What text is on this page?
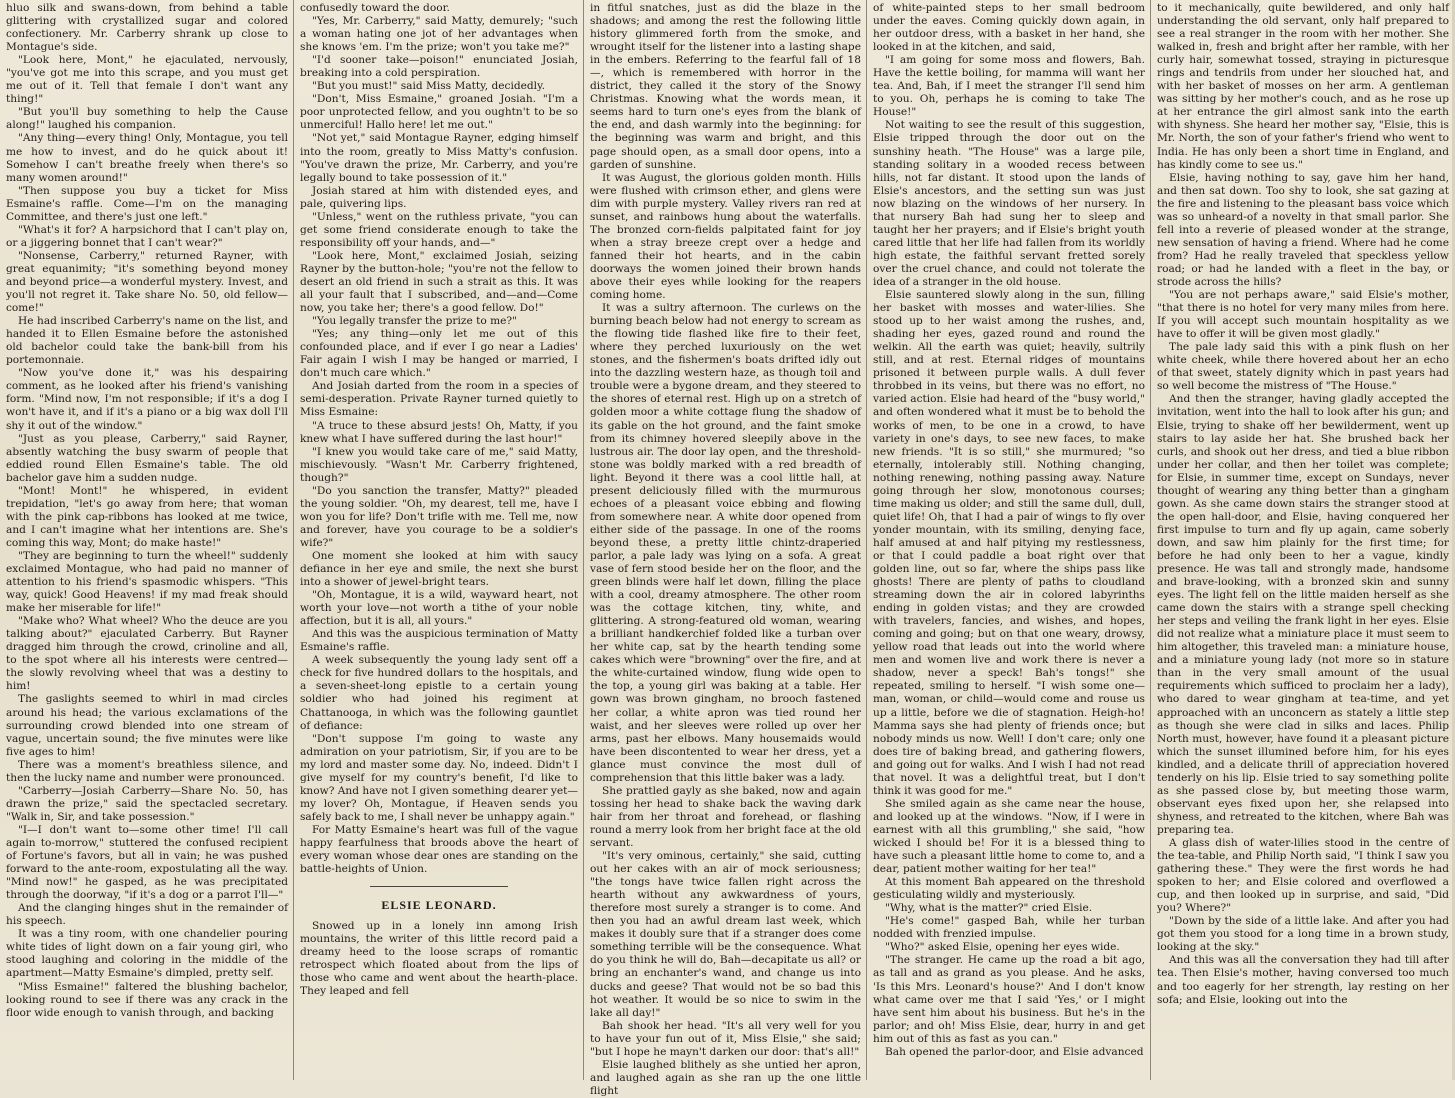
hluo silk and swans-down, from behind a table glittering with crystallized sugar and colored confectionery. Mr. Carberry shrank up close to Montague's side.

"Look here, Mont," he ejaculated, nervously, "you've got me into this scrape, and you must get me out of it. Tell that female I don't want any thing!"

"But you'll buy something to help the Cause along!" laughed his companion.

"Any thing—every thing! Only, Montague, you tell me how to invest, and do he quick about it! Somehow I can't breathe freely when there's so many women around!"

"Then suppose you buy a ticket for Miss Esmaine's raffle. Come—I'm on the managing Committee, and there's just one left."

"What's it for? A harpsichord that I can't play on, or a jiggering bonnet that I can't wear?"

"Nonsense, Carberry," returned Rayner, with great equanimity; "it's something beyond money and beyond price—a wonderful mystery. Invest, and you'll not regret it. Take share No. 50, old fellow—come!"

He had inscribed Carberry's name on the list, and handed it to Ellen Esmaine before the astonished old bachelor could take the bank-bill from his portemonnaie.

"Now you've done it," was his despairing comment, as he looked after his friend's vanishing form. "Mind now, I'm not responsible; if it's a dog I won't have it, and if it's a piano or a big wax doll I'll shy it out of the window."

"Just as you please, Carberry," said Rayner, absently watching the busy swarm of people that eddied round Ellen Esmaine's table. The old bachelor gave him a sudden nudge.

"Mont! Mont!" he whispered, in evident trepidation, "let's go away from here; that woman with the pink cap-ribbons has looked at me twice, and I can't imagine what her intentions are. She's coming this way, Mont; do make haste!"

"They are beginning to turn the wheel!" suddenly exclaimed Montague, who had paid no manner of attention to his friend's spasmodic whispers. "This way, quick! Good Heavens! if my mad freak should make her miserable for life!"

"Make who? What wheel? Who the deuce are you talking about?" ejaculated Carberry. But Rayner dragged him through the crowd, crinoline and all, to the spot where all his interests were centred—the slowly revolving wheel that was a destiny to him!

The gaslights seemed to whirl in mad circles around his head; the various exclamations of the surrounding crowd blended into one stream of vague, uncertain sound; the five minutes were like five ages to him!

There was a moment's breathless silence, and then the lucky name and number were pronounced.

"Carberry—Josiah Carberry—Share No. 50, has drawn the prize," said the spectacled secretary. "Walk in, Sir, and take possession."

"I—I don't want to—some other time! I'll call again to-morrow," stuttered the confused recipient of Fortune's favors, but all in vain; he was pushed forward to the ante-room, expostulating all the way. "Mind now!" he gasped, as he was precipitated through the doorway, "if it's a dog or a parrot I'll—"

And the clanging hinges shut in the remainder of his speech.

It was a tiny room, with one chandelier pouring white tides of light down on a fair young girl, who stood laughing and coloring in the middle of the apartment—Matty Esmaine's dimpled, pretty self.

"Miss Esmaine!" faltered the blushing bachelor, looking round to see if there was any crack in the floor wide enough to vanish through, and backing

confusedly toward the door.

"Yes, Mr. Carberry," said Matty, demurely; "such a woman hating one jot of her advantages when she knows 'em. I'm the prize; won't you take me?"

"I'd sooner take—poison!" enunciated Josiah, breaking into a cold perspiration.

"But you must!" said Miss Matty, decidedly.

"Don't, Miss Esmaine," groaned Josiah. "I'm a poor unprotected fellow, and you oughtn't to be so unmerciful! Hallo here! let me out."

"Not yet," said Montague Rayner, edging himself into the room, greatly to Miss Matty's confusion. "You've drawn the prize, Mr. Carberry, and you're legally bound to take possession of it."

Josiah stared at him with distended eyes, and pale, quivering lips.

"Unless," went on the ruthless private, "you can get some friend considerate enough to take the responsibility off your hands, and—"

"Look here, Mont," exclaimed Josiah, seizing Rayner by the button-hole; "you're not the fellow to desert an old friend in such a strait as this. It was all your fault that I subscribed, and—and—Come now, you take her; there's a good fellow. Do!"

"You legally transfer the prize to me?"

"Yes; any thing—only let me out of this confounded place, and if ever I go near a Ladies' Fair again I wish I may be hanged or married, I don't much care which."

And Josiah darted from the room in a species of semi-desperation. Private Rayner turned quietly to Miss Esmaine:

"A truce to these absurd jests! Oh, Matty, if you knew what I have suffered during the last hour!"

"I knew you would take care of me," said Matty, mischievously. "Wasn't Mr. Carberry frightened, though?"

"Do you sanction the transfer, Matty?" pleaded the young soldier. "Oh, my dearest, tell me, have I won you for life? Don't trifle with me. Tell me, now and forever, have you courage to be a soldier's wife?"

One moment she looked at him with saucy defiance in her eye and smile, the next she burst into a shower of jewel-bright tears.

"Oh, Montague, it is a wild, wayward heart, not worth your love—not worth a tithe of your noble affection, but it is all, all yours."

And this was the auspicious termination of Matty Esmaine's raffle.

A week subsequently the young lady sent off a check for five hundred dollars to the hospitals, and a seven-sheet-long epistle to a certain young soldier who had joined his regiment at Chattanooga, in which was the following gauntlet of defiance:

"Don't suppose I'm going to waste any admiration on your patriotism, Sir, if you are to be my lord and master some day. No, indeed. Didn't I give myself for my country's benefit, I'd like to know? And have not I given something dearer yet—my lover? Oh, Montague, if Heaven sends you safely back to me, I shall never be unhappy again."

For Matty Esmaine's heart was full of the vague happy fearfulness that broods above the heart of every woman whose dear ones are standing on the battle-heights of Union.

ELSIE LEONARD.

Snowed up in a lonely inn among Irish mountains, the writer of this little record paid a dreamy heed to the loose scraps of romantic retrospect which floated about from the lips of those who came and went about the hearth-place. They leaped and fell

in fitful snatches, just as did the blaze in the shadows; and among the rest the following little history glimmered forth from the smoke, and wrought itself for the listener into a lasting shape in the embers. Referring to the fearful fall of 18—, which is remembered with horror in the district, they called it the story of the Snowy Christmas. Knowing what the words mean, it seems hard to turn one's eyes from the blank of the end, and dash warmly into the beginning: for the beginning was warm and bright, and this page should open, as a small door opens, into a garden of sunshine.

It was August, the glorious golden month. Hills were flushed with crimson ether, and glens were dim with purple mystery. Valley rivers ran red at sunset, and rainbows hung about the waterfalls. The bronzed corn-fields palpitated faint for joy when a stray breeze crept over a hedge and fanned their hot hearts, and in the cabin doorways the women joined their brown hands above their eyes while looking for the reapers coming home.

It was a sultry afternoon. The curlews on the burning beach below had not energy to scream as the flowing tide flashed like fire to their feet, where they perched luxuriously on the wet stones, and the fishermen's boats drifted idly out into the dazzling western haze, as though toil and trouble were a bygone dream, and they steered to the shores of eternal rest. High up on a stretch of golden moor a white cottage flung the shadow of its gable on the hot ground, and the faint smoke from its chimney hovered sleepily above in the lustrous air. The door lay open, and the threshold-stone was boldly marked with a red breadth of light. Beyond it there was a cool little hall, at present deliciously filled with the murmurous echoes of a pleasant voice ebbing and flowing from somewhere near. A white door opened from either side of the passage. In one of the rooms beyond these, a pretty little chintz-draperied parlor, a pale lady was lying on a sofa. A great vase of fern stood beside her on the floor, and the green blinds were half let down, filling the place with a cool, dreamy atmosphere. The other room was the cottage kitchen, tiny, white, and glittering. A strong-featured old woman, wearing a brilliant handkerchief folded like a turban over her white cap, sat by the hearth tending some cakes which were "browning" over the fire, and at the white-curtained window, flung wide open to the top, a young girl was baking at a table. Her gown was brown gingham, no brooch fastened her collar, a white apron was tied round her waist, and her sleeves were rolled up over her arms, past her elbows. Many housemaids would have been discontented to wear her dress, yet a glance must convince the most dull of comprehension that this little baker was a lady.

She prattled gayly as she baked, now and again tossing her head to shake back the waving dark hair from her throat and forehead, or flashing round a merry look from her bright face at the old servant.

"It's very ominous, certainly," she said, cutting out her cakes with an air of mock seriousness; "the tongs have twice fallen right across the hearth without any awkwardness of yours, therefore most surely a stranger is to come. And then you had an awful dream last week, which makes it doubly sure that if a stranger does come something terrible will be the consequence. What do you think he will do, Bah—decapitate us all? or bring an enchanter's wand, and change us into ducks and geese? That would not be so bad this hot weather. It would be so nice to swim in the lake all day!"

Bah shook her head. "It's all very well for you to have your fun out of it, Miss Elsie," she said; "but I hope he mayn't darken our door: that's all!"

Elsie laughed blithely as she untied her apron, and laughed again as she ran up the one little flight

of white-painted steps to her small bedroom under the eaves. Coming quickly down again, in her outdoor dress, with a basket in her hand, she looked in at the kitchen, and said,

"I am going for some moss and flowers, Bah. Have the kettle boiling, for mamma will want her tea. And, Bah, if I meet the stranger I'll send him to you. Oh, perhaps he is coming to take The House!"

Not waiting to see the result of this suggestion, Elsie tripped through the door out on the sunshiny heath. "The House" was a large pile, standing solitary in a wooded recess between hills, not far distant. It stood upon the lands of Elsie's ancestors, and the setting sun was just now blazing on the windows of her nursery. In that nursery Bah had sung her to sleep and taught her her prayers; and if Elsie's bright youth cared little that her life had fallen from its worldly high estate, the faithful servant fretted sorely over the cruel chance, and could not tolerate the idea of a stranger in the old house.

Elsie sauntered slowly along in the sun, filling her basket with mosses and water-lilies. She stood up to her waist among the rushes, and, shading her eyes, gazed round and round the welkin. All the earth was quiet; heavily, sultrily still, and at rest. Eternal ridges of mountains prisoned it between purple walls. A dull fever throbbed in its veins, but there was no effort, no varied action. Elsie had heard of the "busy world," and often wondered what it must be to behold the works of men, to be one in a crowd, to have variety in one's days, to see new faces, to make new friends. "It is so still," she murmured; "so eternally, intolerably still. Nothing changing, nothing renewing, nothing passing away. Nature going through her slow, monotonous courses; time making us older; and still the same dull, dull, quiet life! Oh, that I had a pair of wings to fly over yonder mountain, with its smiling, denying face, half amused at and half pitying my restlessness, or that I could paddle a boat right over that golden line, out so far, where the ships pass like ghosts! There are plenty of paths to cloudland streaming down the air in colored labyrinths ending in golden vistas; and they are crowded with travelers, fancies, and wishes, and hopes, coming and going; but on that one weary, drowsy, yellow road that leads out into the world where men and women live and work there is never a shadow, never a speck! Bah's tongs!" she repeated, smiling to herself. "I wish some one—man, woman, or child—would come and rouse us up a little, before we die of stagnation. Heigh-ho! Mamma says she had plenty of friends once; but nobody minds us now. Well! I don't care; only one does tire of baking bread, and gathering flowers, and going out for walks. And I wish I had not read that novel. It was a delightful treat, but I don't think it was good for me."

She smiled again as she came near the house, and looked up at the windows. "Now, if I were in earnest with all this grumbling," she said, "how wicked I should be! For it is a blessed thing to have such a pleasant little home to come to, and a dear, patient mother waiting for her tea!"

At this moment Bah appeared on the threshold gesticulating wildly and mysteriously.

"Why, what is the matter?" cried Elsie.

"He's come!" gasped Bah, while her turban nodded with frenzied impulse.

"Who?" asked Elsie, opening her eyes wide.

"The stranger. He came up the road a bit ago, as tall and as grand as you please. And he asks, 'Is this Mrs. Leonard's house?' And I don't know what came over me that I said 'Yes,' or I might have sent him about his business. But he's in the parlor; and oh! Miss Elsie, dear, hurry in and get him out of this as fast as you can."

Bah opened the parlor-door, and Elsie advanced

to it mechanically, quite bewildered, and only half understanding the old servant, only half prepared to see a real stranger in the room with her mother. She walked in, fresh and bright after her ramble, with her curly hair, somewhat tossed, straying in picturesque rings and tendrils from under her slouched hat, and with her basket of mosses on her arm. A gentleman was sitting by her mother's couch, and as he rose up at her entrance the girl almost sank into the earth with shyness. She heard her mother say, "Elsie, this is Mr. North, the son of your father's friend who went to India. He has only been a short time in England, and has kindly come to see us."

Elsie, having nothing to say, gave him her hand, and then sat down. Too shy to look, she sat gazing at the fire and listening to the pleasant bass voice which was so unheard-of a novelty in that small parlor. She fell into a reverie of pleased wonder at the strange, new sensation of having a friend. Where had he come from? Had he really traveled that speckless yellow road; or had he landed with a fleet in the bay, or strode across the hills?

"You are not perhaps aware," said Elsie's mother, "that there is no hotel for very many miles from here. If you will accept such mountain hospitality as we have to offer it will be given most gladly."

The pale lady said this with a pink flush on her white cheek, while there hovered about her an echo of that sweet, stately dignity which in past years had so well become the mistress of "The House."

And then the stranger, having gladly accepted the invitation, went into the hall to look after his gun; and Elsie, trying to shake off her bewilderment, went up stairs to lay aside her hat. She brushed back her curls, and shook out her dress, and tied a blue ribbon under her collar, and then her toilet was complete; for Elsie, in summer time, except on Sundays, never thought of wearing any thing better than a gingham gown. As she came down stairs the stranger stood at the open hall-door, and Elsie, having conquered her first impulse to turn and fly up again, came soberly down, and saw him plainly for the first time; for before he had only been to her a vague, kindly presence. He was tall and strongly made, handsome and brave-looking, with a bronzed skin and sunny eyes. The light fell on the little maiden herself as she came down the stairs with a strange spell checking her steps and veiling the frank light in her eyes. Elsie did not realize what a miniature place it must seem to him altogether, this traveled man: a miniature house, and a miniature young lady (not more so in stature than in the very small amount of the usual requirements which sufficed to proclaim her a lady), who dared to wear gingham at tea-time, and yet approached with an unconcern as stately a little step as though she were clad in silks and laces. Philip North must, however, have found it a pleasant picture which the sunset illumined before him, for his eyes kindled, and a delicate thrill of appreciation hovered tenderly on his lip. Elsie tried to say something polite as she passed close by, but meeting those warm, observant eyes fixed upon her, she relapsed into shyness, and retreated to the kitchen, where Bah was preparing tea.

A glass dish of water-lilies stood in the centre of the tea-table, and Philip North said, "I think I saw you gathering these." They were the first words he had spoken to her; and Elsie colored and overflowed a cup, and then looked up in surprise, and said, "Did you? Where?"

"Down by the side of a little lake. And after you had got them you stood for a long time in a brown study, looking at the sky."

And this was all the conversation they had till after tea. Then Elsie's mother, having conversed too much and too eagerly for her strength, lay resting on her sofa; and Elsie, looking out into the
